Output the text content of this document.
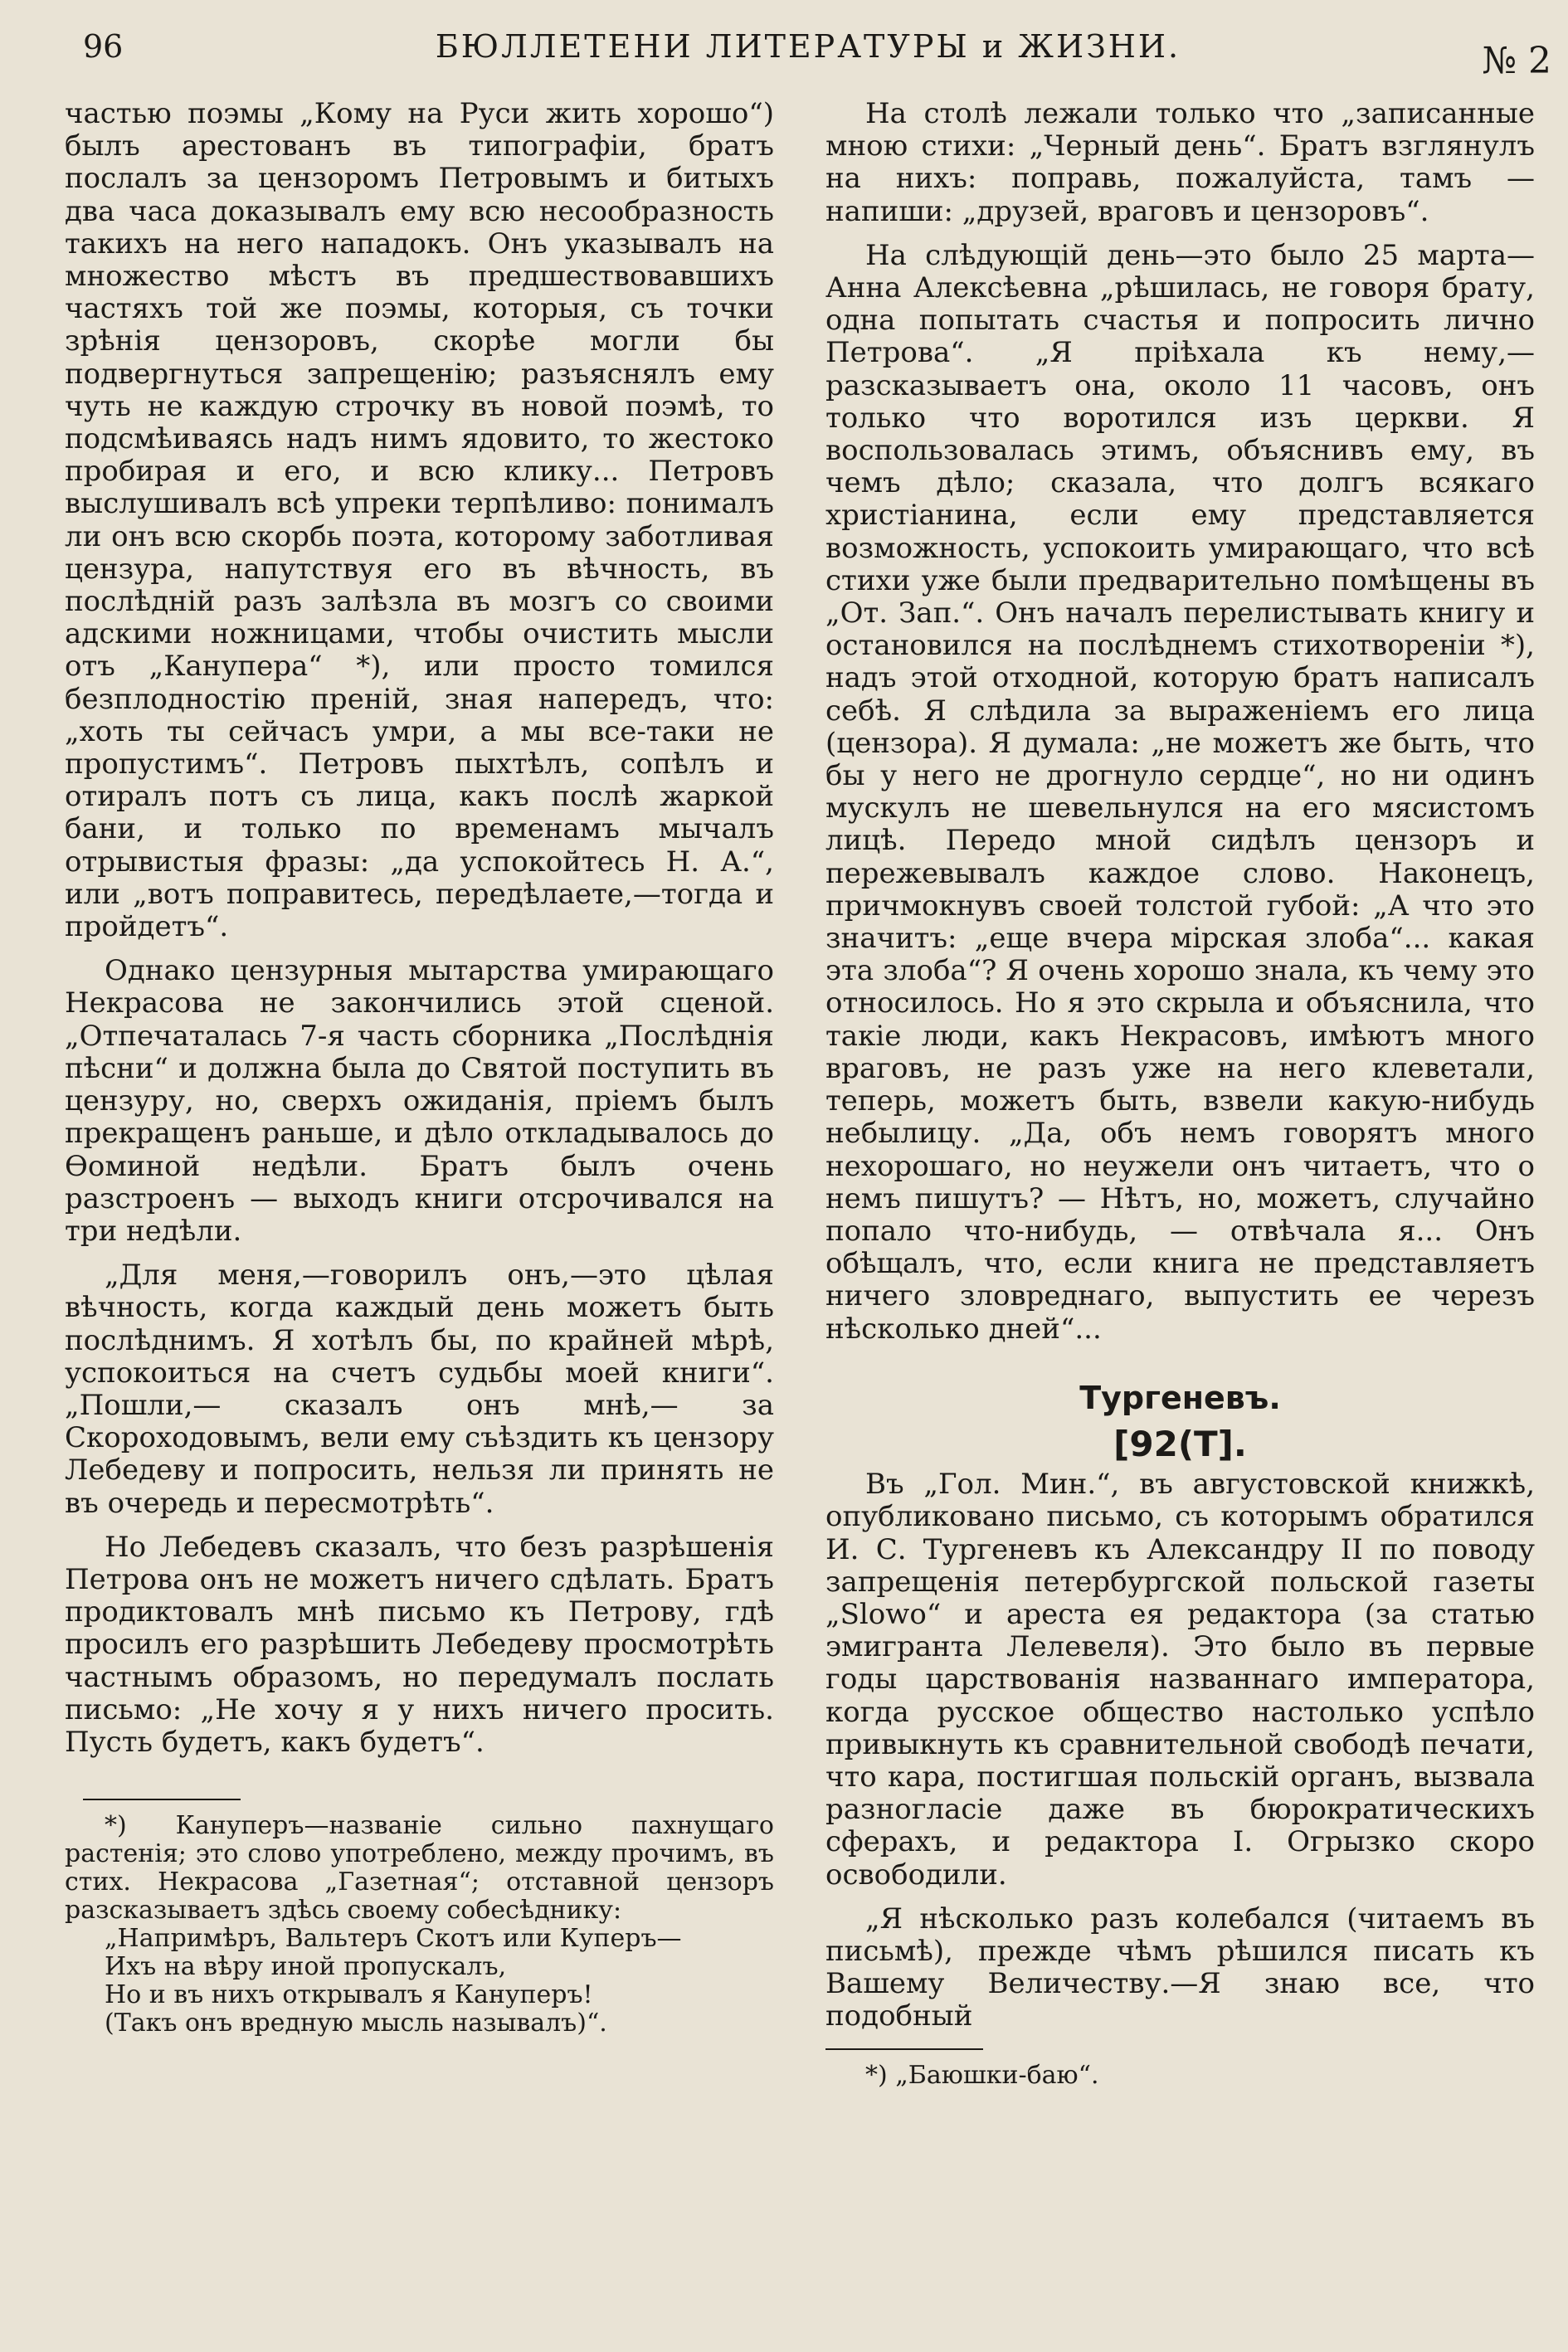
96	БЮЛЛЕТЕНИ ЛИТЕРАТУРЫ и ЖИЗНИ.	№ 2

частью поэмы „Кому на Руси жить хорошо“) былъ арестованъ въ типографіи, братъ послалъ за цензоромъ Петровымъ и битыхъ два часа доказывалъ ему всю несообразность такихъ на него нападокъ. Онъ указывалъ на множество мѣстъ въ предшествовавшихъ частяхъ той же поэмы, которыя, съ точки зрѣнія цензоровъ, скорѣе могли бы подвергнуться запрещенію; разъяснялъ ему чуть не каждую строчку въ новой поэмѣ, то подсмѣиваясь надъ нимъ ядовито, то жестоко пробирая и его, и всю клику... Петровъ выслушивалъ всѣ упреки терпѣливо: понималъ ли онъ всю скорбь поэта, которому заботливая цензура, напутствуя его въ вѣчность, въ послѣдній разъ залѣзла въ мозгъ со своими адскими ножницами, чтобы очистить мысли отъ „Канупера“ *), или просто томился безплодностію преній, зная напередъ, что: „хоть ты сейчасъ умри, а мы все-таки не пропустимъ“. Петровъ пыхтѣлъ, сопѣлъ и отиралъ потъ съ лица, какъ послѣ жаркой бани, и только по временамъ мычалъ отрывистыя фразы: „да успокойтесь Н. А.“, или „вотъ поправитесь, передѣлаете,—тогда и пройдетъ“.

Однако цензурныя мытарства умирающаго Некрасова не закончились этой сценой. „Отпечаталась 7-я часть сборника „Послѣднія пѣсни“ и должна была до Святой поступить въ цензуру, но, сверхъ ожиданія, пріемъ былъ прекращенъ раньше, и дѣло откладывалось до Ѳоминой недѣли. Братъ былъ очень разстроенъ — выходъ книги отсрочивался на три недѣли.

„Для меня,—говорилъ онъ,—это цѣлая вѣчность, когда каждый день можетъ быть послѣднимъ. Я хотѣлъ бы, по крайней мѣрѣ, успокоиться на счетъ судьбы моей книги“. „Пошли,— сказалъ онъ мнѣ,— за Скороходовымъ, вели ему съѣздить къ цензору Лебедеву и попросить, нельзя ли принять не въ очередь и пересмотрѣть“.

Но Лебедевъ сказалъ, что безъ разрѣшенія Петрова онъ не можетъ ничего сдѣлать. Братъ продиктовалъ мнѣ письмо къ Петрову, гдѣ просилъ его разрѣшить Лебедеву просмотрѣть частнымъ образомъ, но передумалъ послать письмо: „Не хочу я у нихъ ничего просить. Пусть будетъ, какъ будетъ“.

*) Кануперъ—названіе сильно пахнущаго растенія; это слово употреблено, между прочимъ, въ стих. Некрасова „Газетная“; отставной цензоръ разсказываетъ здѣсь своему собесѣднику:
„Напримѣръ, Вальтеръ Скотъ или Куперъ—
Ихъ на вѣру иной пропускалъ,
Но и въ нихъ открывалъ я Кануперъ!
(Такъ онъ вредную мысль называлъ)“.

На столѣ лежали только что „записанные мною стихи: „Черный день“. Братъ взглянулъ на нихъ: поправь, пожалуйста, тамъ — напиши: „друзей, враговъ и цензоровъ“.

На слѣдующій день—это было 25 марта—Анна Алексѣевна „рѣшилась, не говоря брату, одна попытать счастья и попросить лично Петрова“. „Я пріѣхала къ нему,— разсказываетъ она, около 11 часовъ, онъ только что воротился изъ церкви. Я воспользовалась этимъ, объяснивъ ему, въ чемъ дѣло; сказала, что долгъ всякаго христіанина, если ему представляется возможность, успокоить умирающаго, что всѣ стихи уже были предварительно помѣщены въ „От. Зап.“. Онъ началъ перелистывать книгу и остановился на послѣднемъ стихотвореніи *), надъ этой отходной, которую братъ написалъ себѣ. Я слѣдила за выраженіемъ его лица (цензора). Я думала: „не можетъ же быть, что бы у него не дрогнуло сердце“, но ни одинъ мускулъ не шевельнулся на его мясистомъ лицѣ. Передо мной сидѣлъ цензоръ и пережевывалъ каждое слово. Наконецъ, причмокнувъ своей толстой губой: „А что это значитъ: „еще вчера мірская злоба“... какая эта злоба“? Я очень хорошо знала, къ чему это относилось. Но я это скрыла и объяснила, что такіе люди, какъ Некрасовъ, имѣютъ много враговъ, не разъ уже на него клеветали, теперь, можетъ быть, взвели какую-нибудь небылицу. „Да, объ немъ говорятъ много нехорошаго, но неужели онъ читаетъ, что о немъ пишутъ? — Нѣтъ, но, можетъ, случайно попало что-нибудь, — отвѣчала я... Онъ обѣщалъ, что, если книга не представляетъ ничего зловреднаго, выпустить ее черезъ нѣсколько дней“...

Тургеневъ.
[92(Т].

Въ „Гол. Мин.“, въ августовской книжкѣ, опубликовано письмо, съ которымъ обратился И. С. Тургеневъ къ Александру II по поводу запрещенія петербургской польской газеты „Slowo“ и ареста ея редактора (за статью эмигранта Лелевеля). Это было въ первые годы царствованія названнаго императора, когда русское общество настолько успѣло привыкнуть къ сравнительной свободѣ печати, что кара, постигшая польскій органъ, вызвала разногласіе даже въ бюрократическихъ сферахъ, и редактора І. Огрызко скоро освободили.

„Я нѣсколько разъ колебался (читаемъ въ письмѣ), прежде чѣмъ рѣшился писать къ Вашему Величеству.—Я знаю все, что подобный

*) „Баюшки-баю“.
